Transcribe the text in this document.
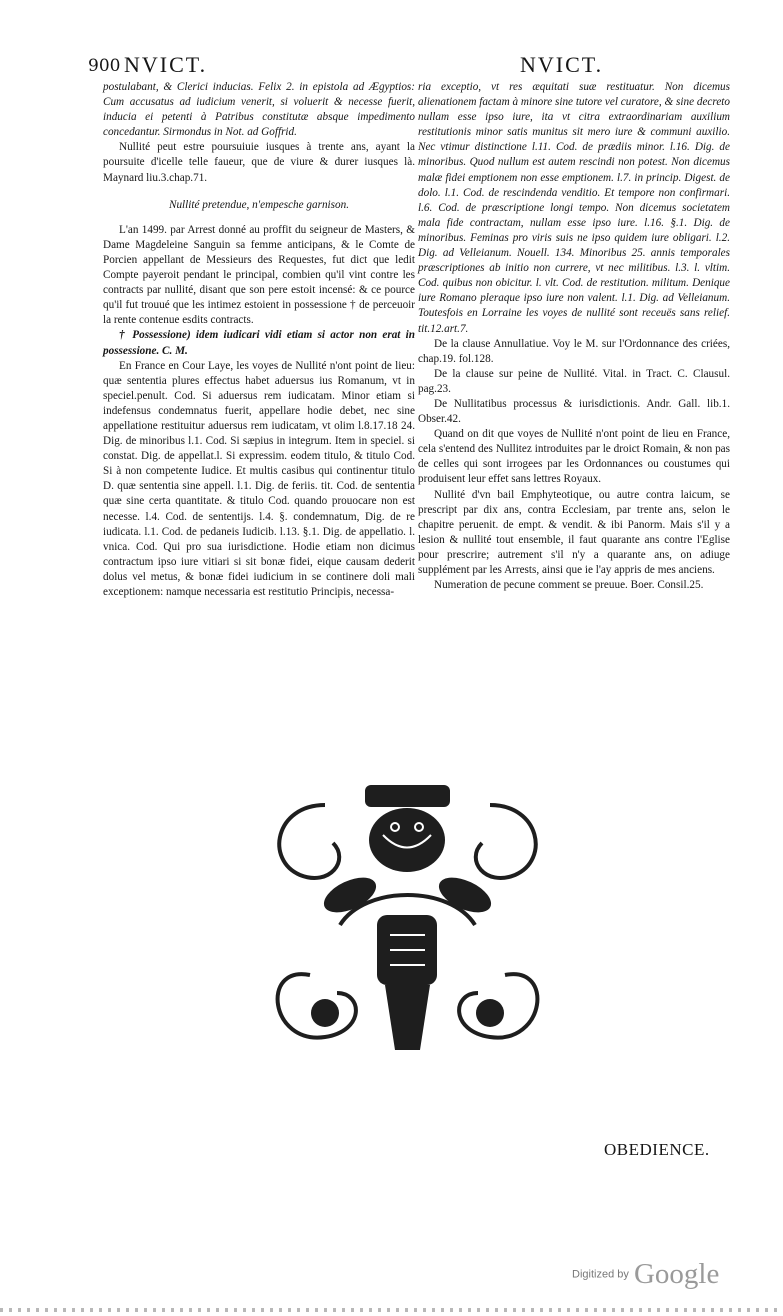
900 NVICT.	NVICT.

postulabant, & Clerici inducias. Felix 2. in epistola ad Ægyptios: Cum accusatus ad iudicium venerit, si voluerit & necesse fuerit, inducia ei petenti à Patribus constitutæ absque impedimento concedantur. Sirmondus in Not. ad Goffrid.

Nullité peut estre poursuiuie iusques à trente ans, ayant la poursuite d'icelle telle faueur, que de viure & durer iusques là. Maynard liu.3.chap.71.

Nullité pretendue, n'empesche garnison.

L'an 1499. par Arrest donné au proffit du seigneur de Masters, & Dame Magdeleine Sanguin sa femme anticipans, & le Comte de Porcien appellant de Messieurs des Requestes, fut dict que ledit Compte payeroit pendant le principal, combien qu'il vint contre les contracts par nullité, disant que son pere estoit incensé: & ce pource qu'il fut trouué que les intimez estoient in possessione † de perceuoir la rente contenue esdits contracts.

† Possessione) idem iudicari vidi etiam si actor non erat in possessione. C. M.

En France en Cour Laye, les voyes de Nullité n'ont point de lieu: quæ sententia plures effectus habet aduersus ius Romanum, vt in speciel.penult. Cod. Si aduersus rem iudicatam. Minor etiam si indefensus condemnatus fuerit, appellare hodie debet, nec sine appellatione restituitur aduersus rem iudicatam, vt olim l.8.17.18 24. Dig. de minoribus l.1. Cod. Si sæpius in integrum. Item in speciel. si constat. Dig. de appellat.l. Si expressim. eodem titulo, & titulo Cod. Si à non competente Iudice. Et multis casibus qui continentur titulo D. quæ sententia sine appell. l.1. Dig. de feriis. tit. Cod. de sententia quæ sine certa quantitate. & titulo Cod. quando prouocare non est necesse. l.4. Cod. de sententijs. l.4. §. condemnatum, Dig. de re iudicata. l.1. Cod. de pedaneis Iudicib. l.13. §.1. Dig. de appellatio. l. vnica. Cod. Qui pro sua iurisdictione. Hodie etiam non dicimus contractum ipso iure vitiari si sit bonæ fidei, eique causam dederit dolus vel metus, & bonæ fidei iudicium in se continere doli mali exceptionem: namque necessaria est restitutio Principis, necessa-

ria exceptio, vt res æquitati suæ restituatur. Non dicemus alienationem factam à minore sine tutore vel curatore, & sine decreto nullam esse ipso iure, ita vt citra extraordinariam auxilium restitutionis minor satis munitus sit mero iure & communi auxilio. Nec vtimur distinctione l.11. Cod. de prædiis minor. l.16. Dig. de minoribus. Quod nullum est autem rescindi non potest. Non dicemus malæ fidei emptionem non esse emptionem. l.7. in princip. Digest. de dolo. l.1. Cod. de rescindenda venditio. Et tempore non confirmari. l.6. Cod. de præscriptione longi tempo. Non dicemus societatem mala fide contractam, nullam esse ipso iure. l.16. §.1. Dig. de minoribus. Feminas pro viris suis ne ipso quidem iure obligari. l.2. Dig. ad Velleianum. Nouell. 134. Minoribus 25. annis temporales præscriptiones ab initio non currere, vt nec militibus. l.3. l. vltim. Cod. quibus non obicitur. l. vlt. Cod. de restitution. militum. Denique iure Romano pleraque ipso iure non valent. l.1. Dig. ad Velleianum. Toutesfois en Lorraine les voyes de nullité sont receuës sans relief. tit.12.art.7.

De la clause Annullatiue. Voy le M. sur l'Ordonnance des criées, chap.19. fol.128.

De la clause sur peine de Nullité. Vital. in Tract. C. Clausul. pag.23.

De Nullitatibus processus & iurisdictionis. Andr. Gall. lib.1. Obser.42.

Quand on dit que voyes de Nullité n'ont point de lieu en France, cela s'entend des Nullitez introduites par le droict Romain, & non pas de celles qui sont irrogees par les Ordonnances ou coustumes qui produisent leur effet sans lettres Royaux.

Nullité d'vn bail Emphyteotique, ou autre contra laicum, se prescript par dix ans, contra Ecclesiam, par trente ans, selon le chapitre peruenit. de empt. & vendit. & ibi Panorm. Mais s'il y a lesion & nullité tout ensemble, il faut quarante ans contre l'Eglise pour prescrire; autrement s'il n'y a quarante ans, on adiuge supplément par les Arrests, ainsi que ie l'ay appris de mes anciens.

Numeration de pecune comment se preuue. Boer. Consil.25.

OBEDIENCE.
Digitized by Google
